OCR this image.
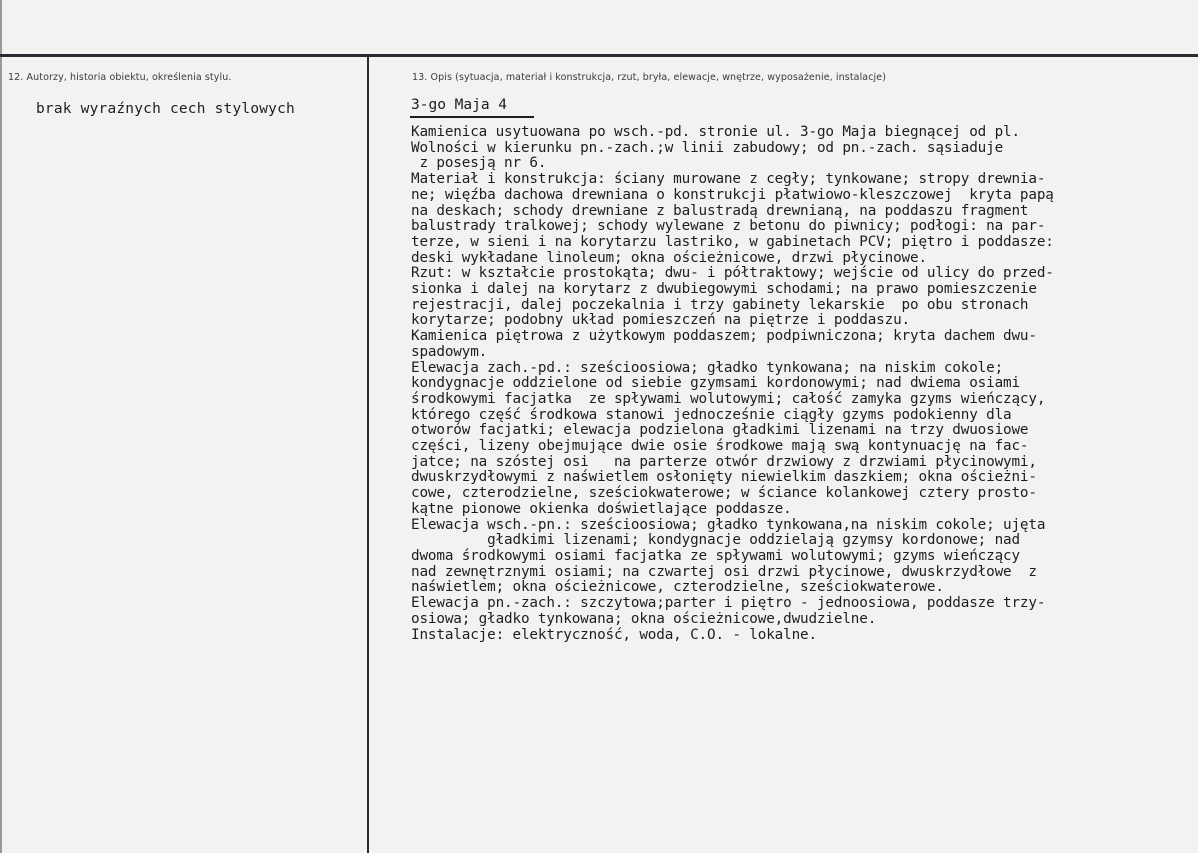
12. Autorzy, historia obiektu, określenia stylu.	13. Opis (sytuacja, materiał i konstrukcja, rzut, bryła, elewacje, wnętrze, wyposażenie, instalacje)
brak wyraźnych cech stylowych	3-go Maja 4
Kamienica usytuowana po wsch.-pd. stronie ul. 3-go Maja biegnącej od pl.
Wolności w kierunku pn.-zach.;w linii zabudowy; od pn.-zach. sąsiaduje
z posesją nr 6.
Materiał i konstrukcja: ściany murowane z cegły; tynkowane; stropy drewnia-
ne; więźba dachowa drewniana o konstrukcji płatwiowo-kleszczowej  kryta papą
na deskach; schody drewniane z balustradą drewnianą, na poddaszu fragment
balustrady tralkowej; schody wylewane z betonu do piwnicy; podłogi: na par-
terze, w sieni i na korytarzu lastriko, w gabinetach PCV; piętro i poddasze:
deski wykładane linoleum; okna ościeżnicowe, drzwi płycinowe.
Rzut: w kształcie prostokąta; dwu- i półtraktowy; wejście od ulicy do przed-
sionka i dalej na korytarz z dwubiegowymi schodami; na prawo pomieszczenie
rejestracji, dalej poczekalnia i trzy gabinety lekarskie  po obu stronach
korytarze; podobny układ pomieszczeń na piętrze i poddaszu.
Kamienica piętrowa z użytkowym poddaszem; podpiwniczona; kryta dachem dwu-
spadowym.
Elewacja zach.-pd.: sześcioosiowa; gładko tynkowana; na niskim cokole;
kondygnacje oddzielone od siebie gzymsami kordonowymi; nad dwiema osiami
środkowymi facjatka  ze spływami wolutowymi; całość zamyka gzyms wieńczący,
którego część środkowa stanowi jednocześnie ciągły gzyms podokienny dla
otworów facjatki; elewacja podzielona gładkimi lizenami na trzy dwuosiowe
części, lizeny obejmujące dwie osie środkowe mają swą kontynuację na fac-
jatce; na szóstej osi   na parterze otwór drzwiowy z drzwiami płycinowymi,
dwuskrzydłowymi z naświetlem osłonięty niewielkim daszkiem; okna ościeżni-
cowe, czterodzielne, sześciokwaterowe; w ściance kolankowej cztery prosto-
kątne pionowe okienka doświetlające poddasze.
Elewacja wsch.-pn.: sześcioosiowa; gładko tynkowana,na niskim cokole; ujęta
gładkimi lizenami; kondygnacje oddzielają gzymsy kordonowe; nad
dwoma środkowymi osiami facjatka ze spływami wolutowymi; gzyms wieńczący
nad zewnętrznymi osiami; na czwartej osi drzwi płycinowe, dwuskrzydłowe  z
naświetlem; okna ościeżnicowe, czterodzielne, sześciokwaterowe.
Elewacja pn.-zach.: szczytowa;parter i piętro - jednoosiowa, poddasze trzy-
osiowa; gładko tynkowana; okna ościeżnicowe,dwudzielne.
Instalacje: elektryczność, woda, C.O. - lokalne.
